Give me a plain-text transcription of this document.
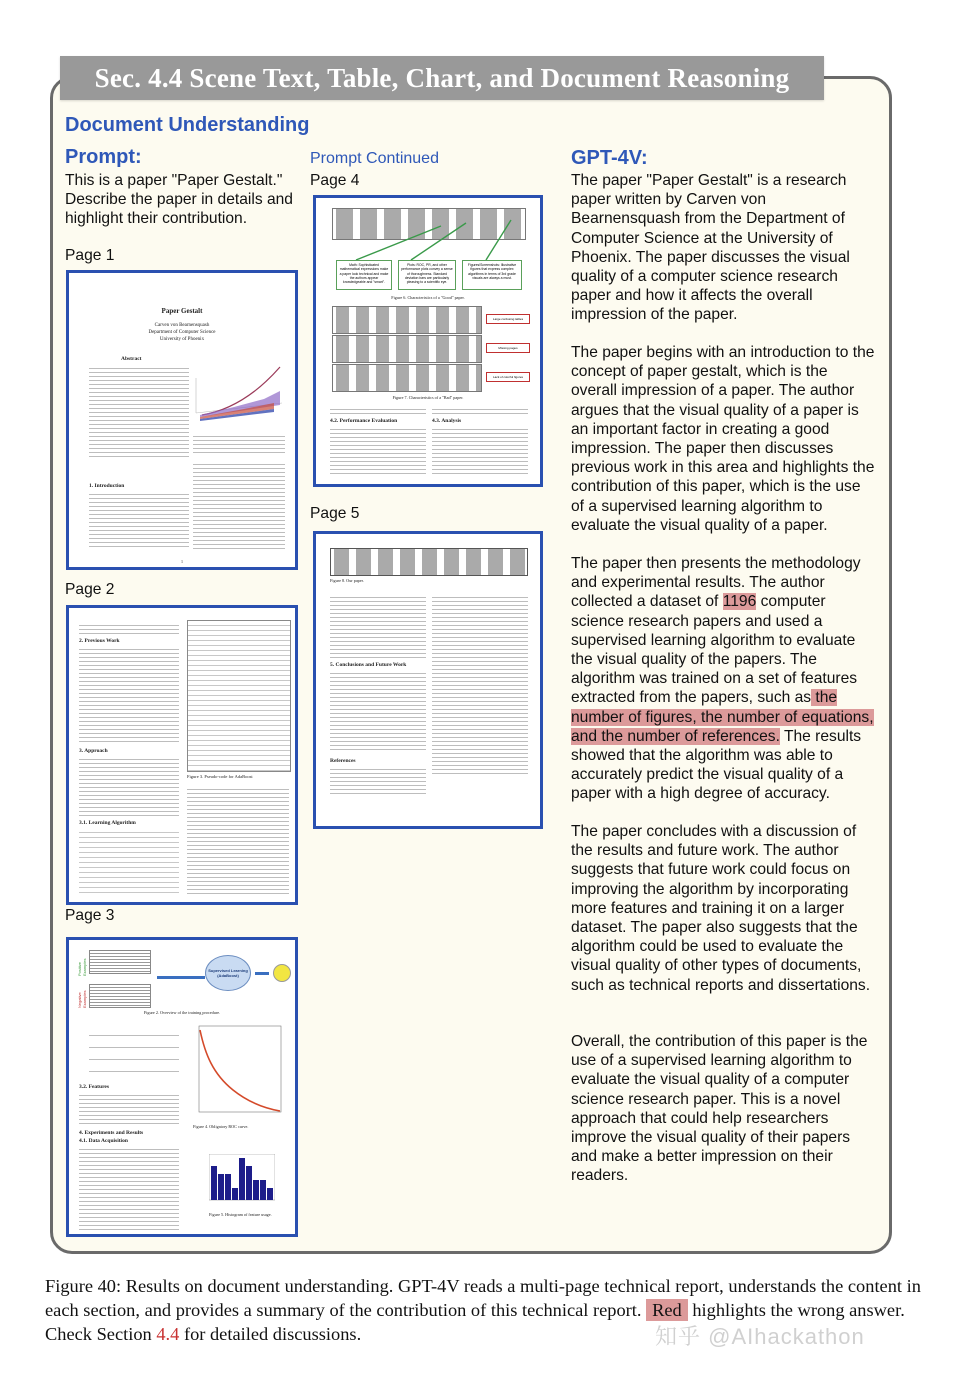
Sec. 4.4 Scene Text, Table, Chart, and Document Reasoning
Document Understanding
Prompt:
This is a paper "Paper Gestalt." Describe the paper in details and highlight their contribution.
Page 1
Paper Gestalt
Carven von Bearnensquash
Department of Computer Science
University of Phoenix
Abstract
1. Introduction
1
Page 2
2. Previous Work
3. Approach
3.1. Learning Algorithm
Figure 3. Pseudo-code for AdaBoost
Page 3
Positive Examples
Negative Examples
Supervised Learning (AdaBoost)
Figure 2. Overview of the training procedure.
3.2. Features
4. Experiments and Results
4.1. Data Acquisition
Figure 4. Obligatory ROC curve.
Figure 5. Histogram of feature usage.
Prompt Continued
Page 4
Math: Sophisticated mathematical expressions make a paper look technical and make the authors appear knowledgeable and "smart".
Plots: ROC, PR, and other performance plots convey a sense of thoroughness. Standard deviation bars are particularly pleasing to a scientific eye.
Figures/Screenshots: Illustrative figures that express complex algorithms in terms of 3rd grade visuals are always a must.
Figure 6. Characteristics of a "Good" paper.
Large confusing tables
Missing pages
Lack of colorful figures
Figure 7. Characteristics of a "Bad" paper.
4.2. Performance Evaluation	4.3. Analysis
Page 5
Figure 8. Our paper.
5. Conclusions and Future Work
References
GPT-4V:
The paper "Paper Gestalt" is a research paper written by Carven von Bearnensquash from the Department of Computer Science at the University of Phoenix. The paper discusses the visual quality of a computer science research paper and how it affects the overall impression of the paper.
The paper begins with an introduction to the concept of paper gestalt, which is the overall impression of a paper. The author argues that the visual quality of a paper is an important factor in creating a good impression. The paper then discusses previous work in this area and highlights the contribution of this paper, which is the use of a supervised learning algorithm to evaluate the visual quality of a paper.
The paper then presents the methodology and experimental results. The author collected a dataset of 1196 computer science research papers and used a supervised learning algorithm to evaluate the visual quality of the papers. The algorithm was trained on a set of features extracted from the papers, such as the number of figures, the number of equations, and the number of references. The results showed that the algorithm was able to accurately predict the visual quality of a paper with a high degree of accuracy.
The paper concludes with a discussion of the results and future work. The author suggests that future work could focus on improving the algorithm by incorporating more features and training it on a larger dataset. The paper also suggests that the algorithm could be used to evaluate the visual quality of other types of documents, such as technical reports and dissertations.
Overall, the contribution of this paper is the use of a supervised learning algorithm to evaluate the visual quality of a computer science research paper. This is a novel approach that could help researchers improve the visual quality of their papers and make a better impression on their readers.
Figure 40: Results on document understanding. GPT-4V reads a multi-page technical report, understands the content in each section, and provides a summary of the contribution of this technical report. Red highlights the wrong answer. Check Section 4.4 for detailed discussions.	知乎 @AIhackathon
